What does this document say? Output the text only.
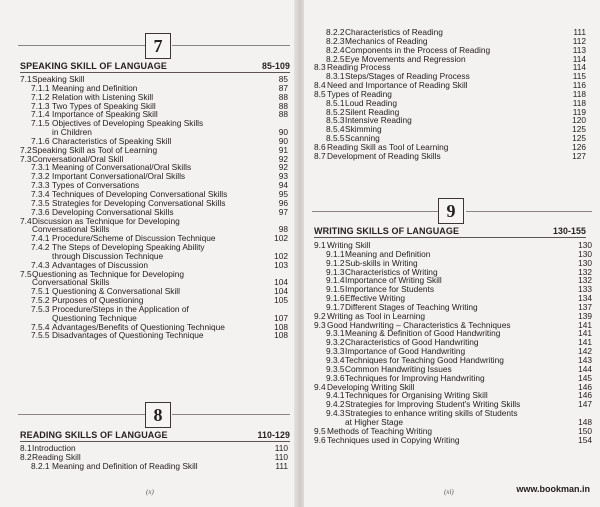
7
SPEAKING SKILL OF LANGUAGE	85-109
7.1 Speaking Skill	85
7.1.1 Meaning and Definition	87
7.1.2 Relation with Listening Skill	88
7.1.3 Two Types of Speaking Skill	88
7.1.4 Importance of Speaking Skill	88
7.1.5 Objectives of Developing Speaking Skills
in Children	90
7.1.6 Characteristics of Speaking Skill	90
7.2 Speaking Skill as Tool of Learning	91
7.3 Conversational/Oral Skill	92
7.3.1 Meaning of Conversational/Oral Skills	92
7.3.2 Important Conversational/Oral Skills	93
7.3.3 Types of Conversations	94
7.3.4 Techniques of Developing Conversational Skills	95
7.3.5 Strategies for Developing Conversational Skills	96
7.3.6 Developing Conversational Skills	97
7.4 Discussion as Technique for Developing
Conversational Skills	98
7.4.1 Procedure/Scheme of Discussion Technique	102
7.4.2 The Steps of Developing Speaking Ability
through Discussion Technique	102
7.4.3 Advantages of Discussion	103
7.5 Questioning as Technique for Developing
Conversational Skills	104
7.5.1 Questioning & Conversational Skill	104
7.5.2 Purposes of Questioning	105
7.5.3 Procedure/Steps in the Application of
Questioning Technique	107
7.5.4 Advantages/Benefits of Questioning Technique	108
7.5.5 Disadvantages of Questioning Technique	108
8
READING SKILLS OF LANGUAGE	110-129
8.1 Introduction	110
8.2 Reading Skill	110
8.2.1 Meaning and Definition of Reading Skill	111
(x)
8.2.2 Characteristics of Reading	111
8.2.3 Mechanics of Reading	112
8.2.4 Components in the Process of Reading	113
8.2.5 Eye Movements and Regression	114
8.3 Reading Process	114
8.3.1 Steps/Stages of Reading Process	115
8.4 Need and Importance of Reading Skill	116
8.5 Types of Reading	118
8.5.1 Loud Reading	118
8.5.2 Silent Reading	119
8.5.3 Intensive Reading	120
8.5.4 Skimming	125
8.5.5 Scanning	125
8.6 Reading Skill as Tool of Learning	126
8.7 Development of Reading Skills	127
9
WRITING SKILLS OF LANGUAGE	130-155
9.1 Writing Skill	130
9.1.1 Meaning and Definition	130
9.1.2 Sub-skills in Writing	130
9.1.3 Characteristics of Writing	132
9.1.4 Importance of Writing Skill	132
9.1.5 Importance for Students	133
9.1.6 Effective Writing	134
9.1.7 Different Stages of Teaching Writing	137
9.2 Writing as Tool in Learning	139
9.3 Good Handwriting – Characteristics & Techniques	141
9.3.1 Meaning & Definition of Good Handwriting	141
9.3.2 Characteristics of Good Handwriting	141
9.3.3 Importance of Good Handwriting	142
9.3.4 Techniques for Teaching Good Handwriting	143
9.3.5 Common Handwriting Issues	144
9.3.6 Techniques for Improving Handwriting	145
9.4 Developing Writing Skill	146
9.4.1 Techniques for Organising Writing Skill	146
9.4.2 Strategies for Improving Student's Writing Skills	147
9.4.3 Strategies to enhance writing skills of Students
at Higher Stage	148
9.5 Methods of Teaching Writing	150
9.6 Techniques used in Copying Writing	154
(xi)	www.bookman.in
